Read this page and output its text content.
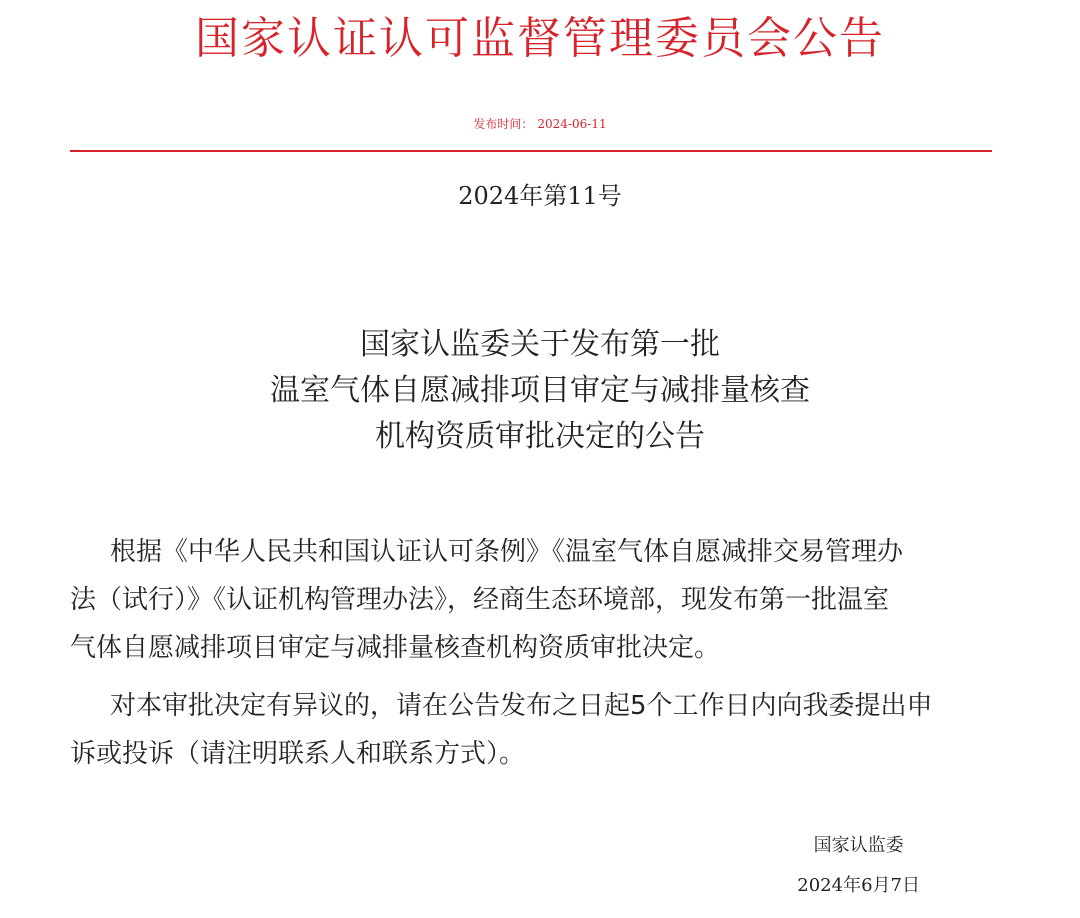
国家认证认可监督管理委员会公告
发布时间： 2024-06-11
2024年第11号
国家认监委关于发布第一批
温室气体自愿减排项目审定与减排量核查
机构资质审批决定的公告
根据《中华人民共和国认证认可条例》《温室气体自愿减排交易管理办
法（试行）》《认证机构管理办法》，经商生态环境部，现发布第一批温室
气体自愿减排项目审定与减排量核查机构资质审批决定。
对本审批决定有异议的，请在公告发布之日起5个工作日内向我委提出申
诉或投诉（请注明联系人和联系方式）。
国家认监委
2024年6月7日
